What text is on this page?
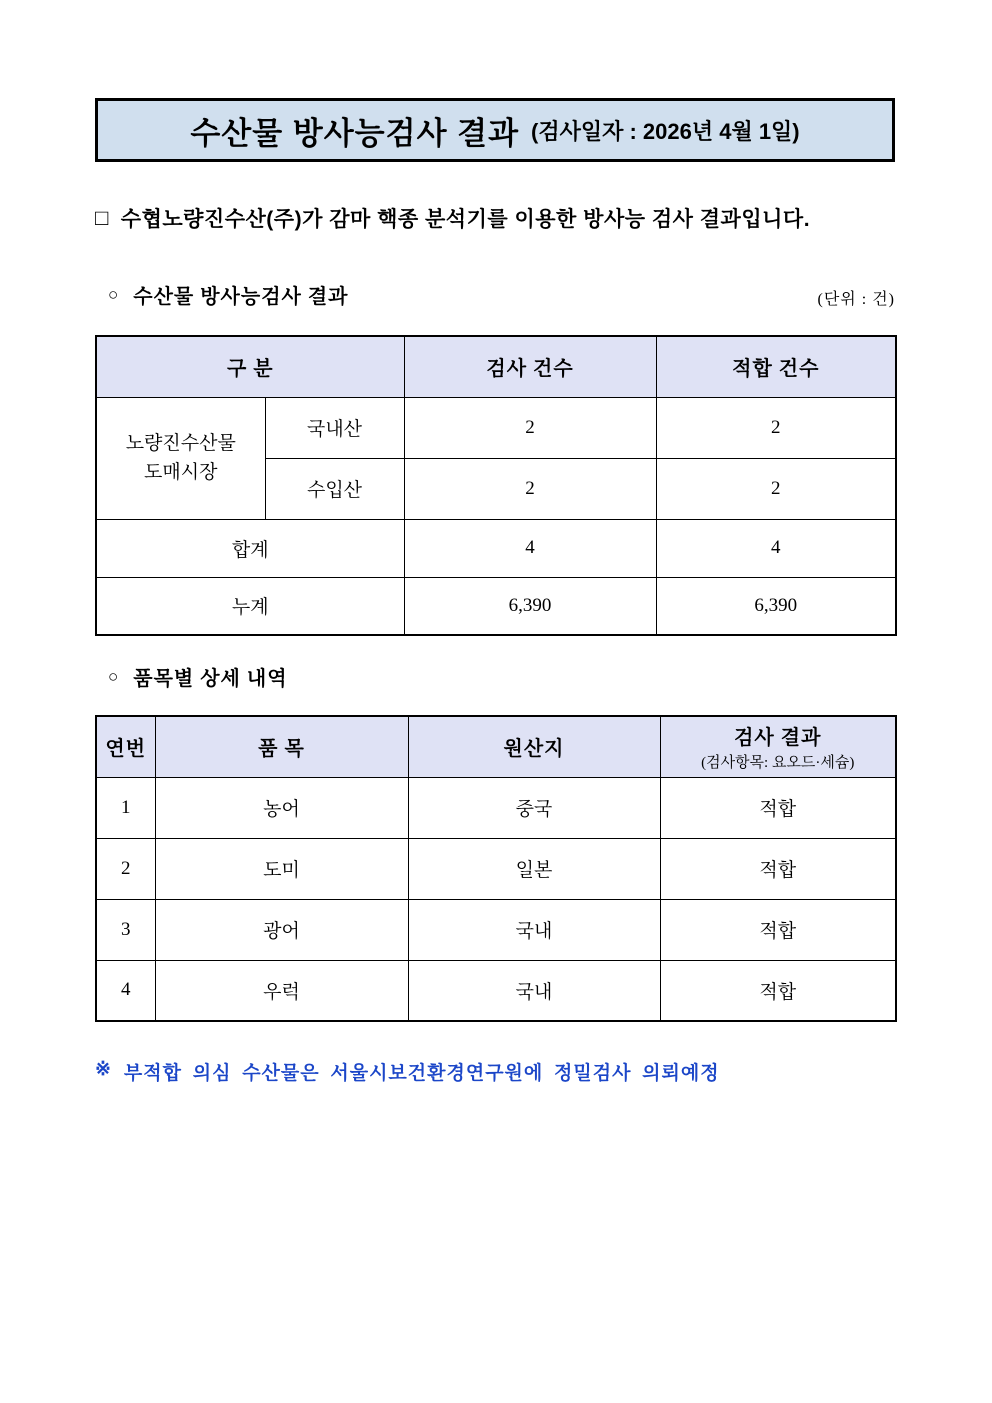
수산물 방사능검사 결과 (검사일자 : 2026년 4월 1일)
□ 수협노량진수산(주)가 감마 핵종 분석기를 이용한 방사능 검사 결과입니다.
○ 수산물 방사능검사 결과	(단위 : 건)
구 분		검사 건수	적합 건수

노량진수산물
도매시장	국내산	2	2
	수입산	2	2
합계		4	4
누계		6,390	6,390
○ 품목별 상세 내역
연번	품 목	원산지	검사 결과
(검사항목: 요오드·세슘)

1	농어	중국	적합
2	도미	일본	적합
3	광어	국내	적합
4	우럭	국내	적합
※ 부적합 의심 수산물은 서울시보건환경연구원에 정밀검사 의뢰예정
